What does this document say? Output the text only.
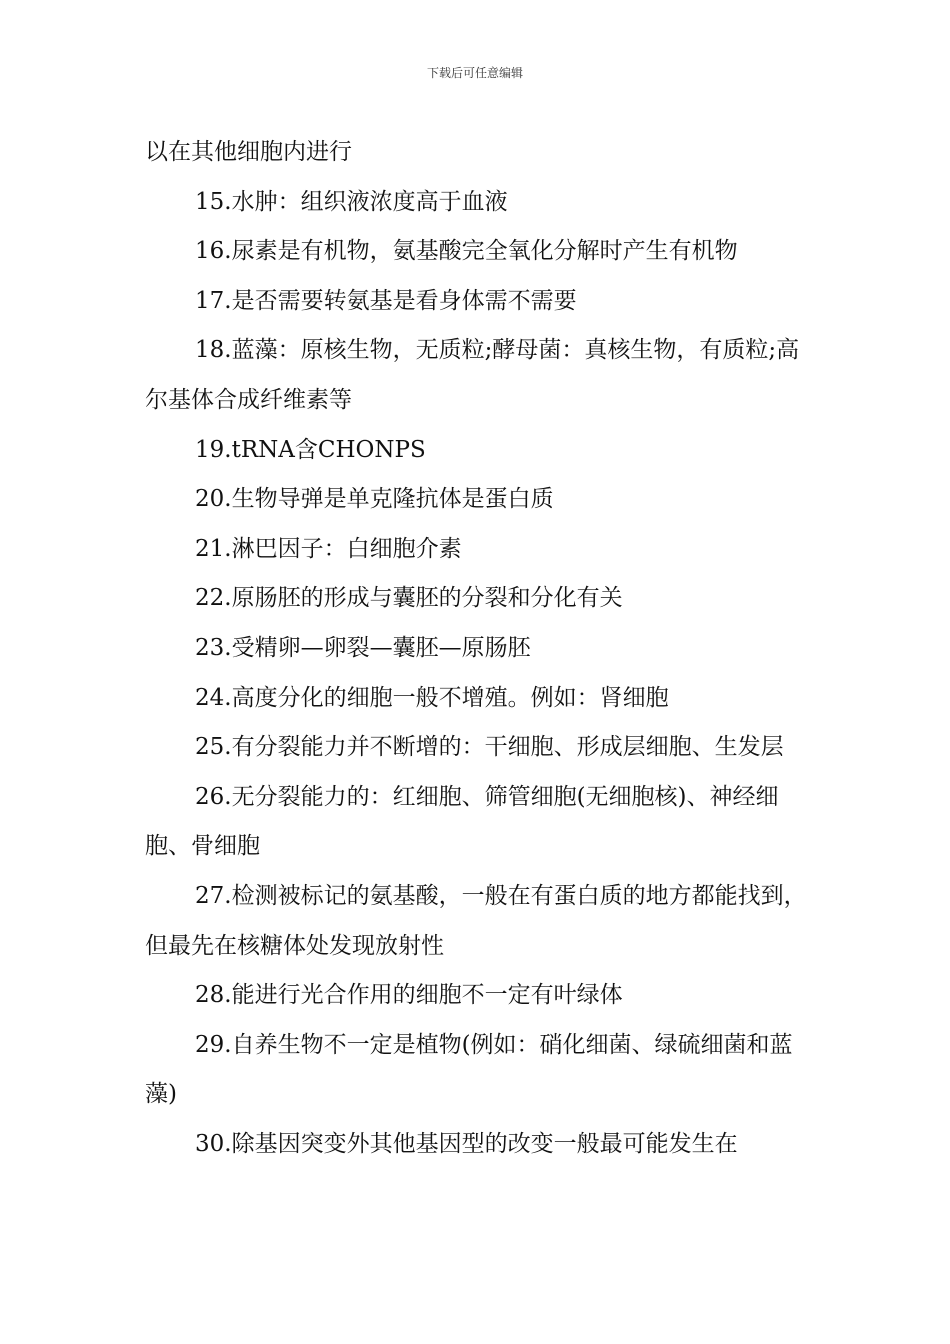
下载后可任意编辑

以在其他细胞内进行

15.水肿：组织液浓度高于血液

16.尿素是有机物，氨基酸完全氧化分解时产生有机物

17.是否需要转氨基是看身体需不需要

18.蓝藻：原核生物，无质粒;酵母菌：真核生物，有质粒;高尔基体合成纤维素等

19.tRNA含CHONPS

20.生物导弹是单克隆抗体是蛋白质

21.淋巴因子：白细胞介素

22.原肠胚的形成与囊胚的分裂和分化有关

23.受精卵—卵裂—囊胚—原肠胚

24.高度分化的细胞一般不增殖。例如：肾细胞

25.有分裂能力并不断增的：干细胞、形成层细胞、生发层

26.无分裂能力的：红细胞、筛管细胞(无细胞核)、神经细胞、骨细胞

27.检测被标记的氨基酸，一般在有蛋白质的地方都能找到，但最先在核糖体处发现放射性

28.能进行光合作用的细胞不一定有叶绿体

29.自养生物不一定是植物(例如：硝化细菌、绿硫细菌和蓝藻)

30.除基因突变外其他基因型的改变一般最可能发生在
